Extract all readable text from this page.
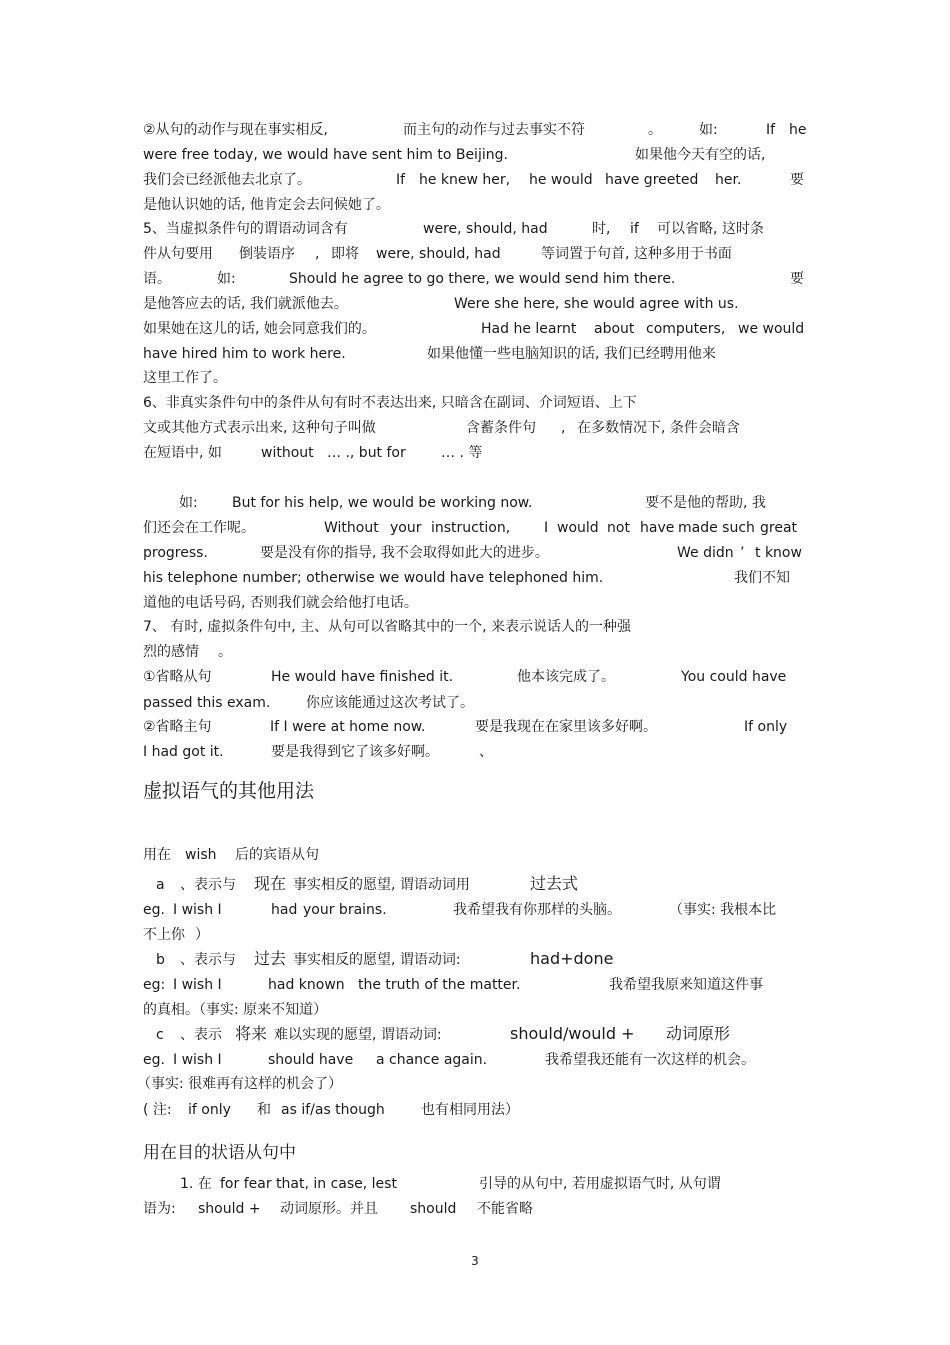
②从句的动作与现在事实相反,	而主句的动作与过去事实不符	。	如:	If he
were free today, we would have sent him to Beijing.	如果他今天有空的话,
我们会已经派他去北京了。	If he knew her, he would have greeted her.	要
是他认识她的话, 他肯定会去问候她了。
5、当虚拟条件句的谓语动词含有	were, should, had	时, if 可以省略, 这时条
件从句要用 倒装语序 , 即将 were, should, had	等词置于句首, 这种多用于书面
语。	如:	Should he agree to go there, we would send him there.	要
是他答应去的话, 我们就派他去。	Were she here, she would agree with us.
如果她在这儿的话, 她会同意我们的。	Had he learnt about computers, we would
have hired him to work here.	如果他懂一些电脑知识的话, 我们已经聘用他来
这里工作了。
6、非真实条件句中的条件从句有时不表达出来, 只暗含在副词、介词短语、上下
文或其他方式表示出来, 这种句子叫做	含蓄条件句 , 在多数情况下, 条件会暗含
在短语中, 如	without … ., but for	… . 等
如: But for his help, we would be working now.	要不是他的帮助, 我
们还会在工作呢。	Without your instruction, I would not have made such great
progress.	要是没有你的指导, 我不会取得如此大的进步。	We didn ’ t know
his telephone number; otherwise we would have telephoned him.	我们不知
道他的电话号码, 否则我们就会给他打电话。
7、 有时, 虚拟条件句中, 主、从句可以省略其中的一个, 来表示说话人的一种强
烈的感情 。
①省略从句	He would have finished it.	他本该完成了。	You could have
passed this exam.	你应该能通过这次考试了。
②省略主句	If I were at home now.	要是我现在在家里该多好啊。	If only
I had got it.	要是我得到它了该多好啊。	、
虚拟语气的其他用法
用在 wish 后的宾语从句
a 、表示与 现在 事实相反的愿望, 谓语动词用	过去式
eg. I wish I	had your brains.	我希望我有你那样的头脑。	（事实: 我根本比
不上你 ）
b 、表示与 过去 事实相反的愿望, 谓语动词:	had+done
eg: I wish I	had known the truth of the matter.	我希望我原来知道这件事
的真相。（事实: 原来不知道）
c 、表示 将来 难以实现的愿望, 谓语动词:	should/would + 动词原形
eg. I wish I	should have a chance again.	我希望我还能有一次这样的机会。
（事实: 很难再有这样的机会了）
( 注: if only 和 as if/as though	也有相同用法）
用在目的状语从句中
1. 在 for fear that, in case, lest	引导的从句中, 若用虚拟语气时, 从句谓
语为: should + 动词原形。并且 should 不能省略
3
